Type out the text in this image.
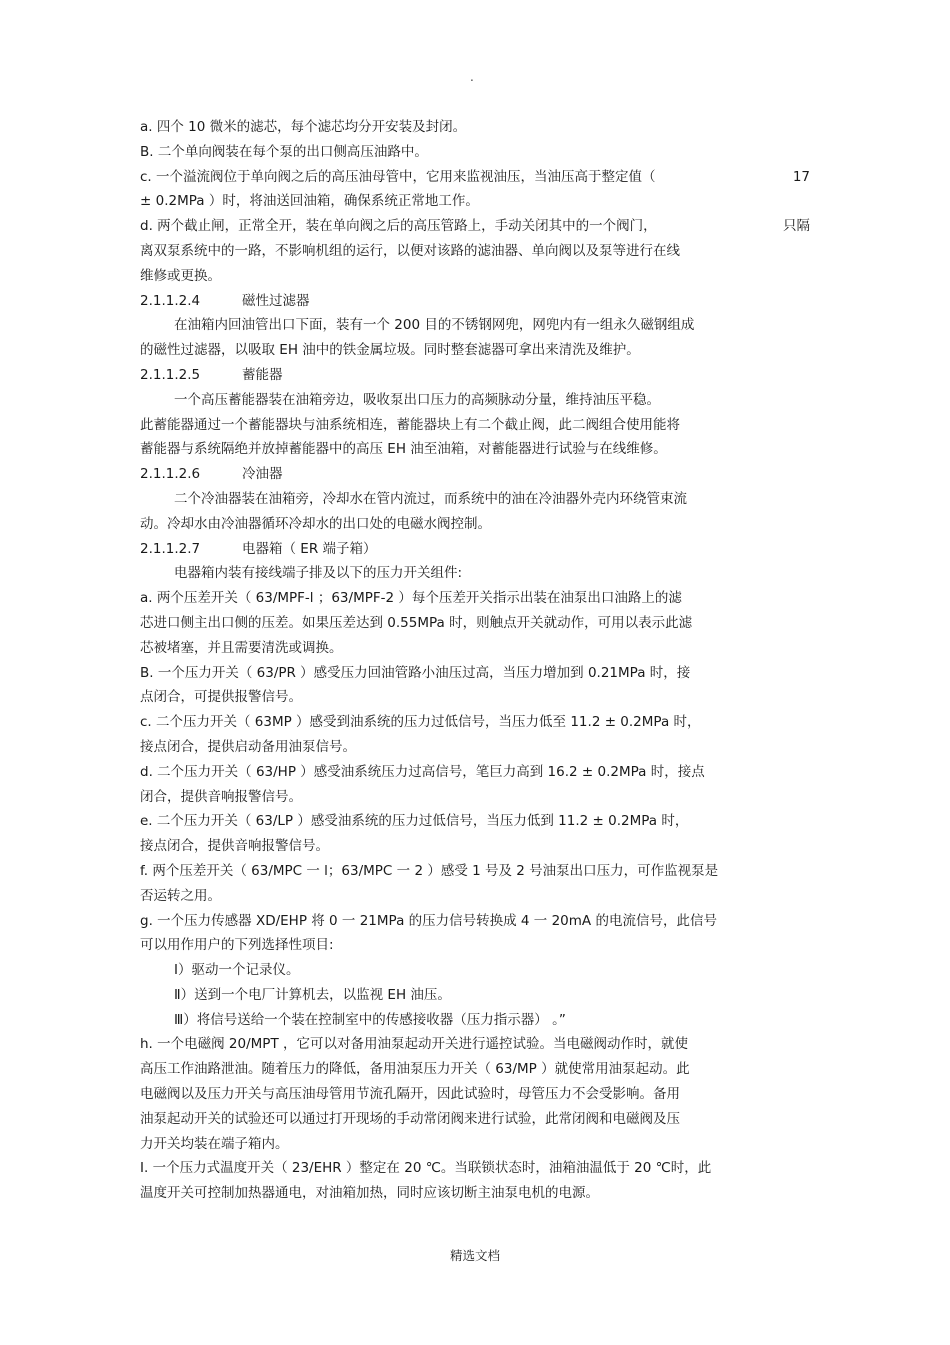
.
a. 四个 10 微米的滤芯，每个滤芯均分开安装及封闭。
B. 二个单向阀装在每个泵的出口侧高压油路中。
c. 一个溢流阀位于单向阀之后的高压油母管中，它用来监视油压，当油压高于整定值（	17
± 0.2MPa ）时，将油送回油箱，确保系统正常地工作。
d. 两个截止闸，正常全开，装在单向阀之后的高压管路上，手动关闭其中的一个阀门，	只隔
离双泵系统中的一路，不影响机组的运行，以便对该路的滤油器、单向阀以及泵等进行在线
维修或更换。
2.1.1.2.4	磁性过滤器
在油箱内回油管出口下面，装有一个 200 目的不锈钢网兜，网兜内有一组永久磁钢组成
的磁性过滤器，以吸取 EH 油中的铁金属垃圾。同时整套滤器可拿出来清洗及维护。
2.1.1.2.5	蓄能器
一个高压蓄能器装在油箱旁边，吸收泵出口压力的高频脉动分量，维持油压平稳。
此蓄能器通过一个蓄能器块与油系统相连，蓄能器块上有二个截止阀，此二阀组合使用能将
蓄能器与系统隔绝并放掉蓄能器中的高压 EH 油至油箱，对蓄能器进行试验与在线维修。
2.1.1.2.6	冷油器
二个冷油器装在油箱旁，冷却水在管内流过，而系统中的油在冷油器外壳内环绕管束流
动。冷却水由冷油器循环冷却水的出口处的电磁水阀控制。
2.1.1.2.7	电器箱（ ER 端子箱）
电器箱内装有接线端子排及以下的压力开关组件:
a. 两个压差开关（ 63/MPF-l ；63/MPF-2 ）每个压差开关指示出装在油泵出口油路上的滤
芯进口侧主出口侧的压差。如果压差达到 0.55MPa 时，则触点开关就动作，可用以表示此滤
芯被堵塞，并且需要清洗或调换。
B. 一个压力开关（ 63/PR ）感受压力回油管路小油压过高，当压力增加到 0.21MPa 时，接
点闭合，可提供报警信号。
c. 二个压力开关（ 63MP ）感受到油系统的压力过低信号，当压力低至 11.2 ± 0.2MPa 时，
接点闭合，提供启动备用油泵信号。
d. 二个压力开关（ 63/HP ）感受油系统压力过高信号，笔巨力高到 16.2 ± 0.2MPa 时，接点
闭合，提供音响报警信号。
e. 二个压力开关（ 63/LP ）感受油系统的压力过低信号，当压力低到 11.2 ± 0.2MPa 时，
接点闭合，提供音响报警信号。
f. 两个压差开关（ 63/MPC 一 l；63/MPC 一 2 ）感受 1 号及 2 号油泵出口压力，可作监视泵是
否运转之用。
g. 一个压力传感器 XD/EHP 将 0 一 21MPa 的压力信号转换成 4 一 20mA 的电流信号，此信号
可以用作用户的下列选择性项目:
I）驱动一个记录仪。
Ⅱ）送到一个电厂计算机去，以监视 EH 油压。
Ⅲ）将信号送给一个装在控制室中的传感接收器（压力指示器） 。”
h. 一个电磁阀 20/MPT ，它可以对备用油泵起动开关进行遥控试验。当电磁阀动作时，就使
高压工作油路泄油。随着压力的降低，备用油泵压力开关（ 63/MP ）就使常用油泵起动。此
电磁阀以及压力开关与高压油母管用节流孔隔开，因此试验时，母管压力不会受影响。备用
油泵起动开关的试验还可以通过打开现场的手动常闭阀来进行试验，此常闭阀和电磁阀及压
力开关均装在端子箱内。
I. 一个压力式温度开关（ 23/EHR ）整定在 20 ℃。当联锁状态时，油箱油温低于 20 ℃时，此
温度开关可控制加热器通电，对油箱加热，同时应该切断主油泵电机的电源。
精选文档
